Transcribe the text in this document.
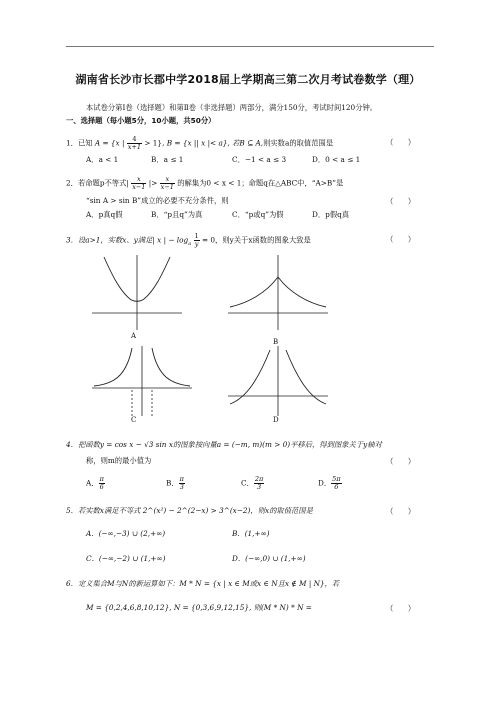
湖南省长沙市长郡中学2018届上学期高三第二次月考试卷数学（理）
本试卷分第Ⅰ卷（选择题）和第Ⅱ卷（非选择题）两部分，满分150分，考试时间120分钟。
一、选择题（每小题5分，10小题，共50分）
1．已知 A = {x | $\frac{4}{x+1} > 1$}, B = {x || x |< a}, 若B ⊆ A,则实数a的取值范围是	（　　）
A．a < 1	B．a ≤ 1	C．−1 < a ≤ 3	D．0 < a ≤ 1
2．若命题p不等式| $\frac{x}{x-1}$ |> $\frac{x}{x-1}$ 的解集为0 < x < 1；命题q在△ABC中，“A>B”是
“sin A > sin B”成立的必要不充分条件，则	（　　）
A．p真q假	B．“p且q”为真	C．“p或q”为假	D．p假q真
3．设a>1，实数x、y满足| x | − $\log_a \frac{1}{y} = 0$，则y关于x函数的图象大致是	（　　）
A
B
C	D
4．把函数y = cos x − √3 sin x的图象按向量a = (−m, m)(m > 0)平移后，得到图象关于y轴对
称，则m的最小值为	（　　）
A． $\frac{\pi}{6}$	B． $\frac{\pi}{3}$	C． $\frac{2\pi}{3}$	D． $\frac{5\pi}{6}$
5．若实数x满足不等式 2^(x²) − 2^(2−x) > 3^(x−2)，则x的取值范围是	（　　）
A．(−∞,−3) ∪ (2,+∞)	B．(1,+∞)
C．(−∞,−2) ∪ (1,+∞)	D．(−∞,0) ∪ (1,+∞)
6．定义集合M与N的新运算如下：M * N = {x | x ∈ M或x ∈ N且x ∉ M | N}，若
M = {0,2,4,6,8,10,12}, N = {0,3,6,9,12,15}, 则(M * N) * N =	（　　）
